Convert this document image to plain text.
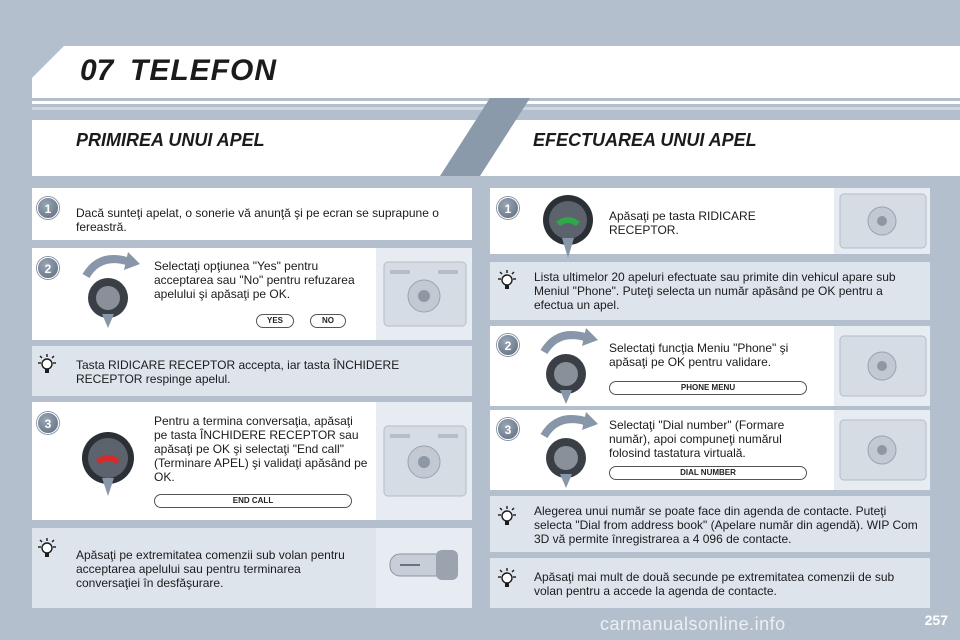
07 TELEFON
PRIMIREA UNUI APEL	EFECTUAREA UNUI APEL
1	Dacă sunteţi apelat, o sonerie vă anunţă şi pe ecran se suprapune o fereastră.
2	Selectaţi opţiunea "Yes" pentru acceptarea sau "No" pentru refuzarea apelului şi apăsaţi pe OK.
YES	NO
Tasta RIDICARE RECEPTOR accepta, iar tasta ÎNCHIDERE RECEPTOR respinge apelul.
3	Pentru a termina conversaţia, apăsaţi pe tasta ÎNCHIDERE RECEPTOR sau apăsaţi pe OK şi selectaţi "End call" (Terminare APEL) şi validaţi apăsând pe OK.
END CALL
Apăsaţi pe extremitatea comenzii sub volan pentru acceptarea apelului sau pentru terminarea conversaţiei în desfăşurare.
1	Apăsaţi pe tasta RIDICARE RECEPTOR.
Lista ultimelor 20 apeluri efectuate sau primite din vehicul apare sub Meniul "Phone". Puteţi selecta un număr apăsând pe OK pentru a efectua un apel.
2	Selectaţi funcţia Meniu "Phone" şi apăsaţi pe OK pentru validare.
PHONE MENU
3	Selectaţi "Dial number" (Formare număr), apoi compuneţi numărul folosind tastatura virtuală.
DIAL NUMBER
Alegerea unui număr se poate face din agenda de contacte. Puteţi selecta "Dial from address book" (Apelare număr din agendă). WIP Com 3D vă permite înregistrarea a 4 096 de contacte.
Apăsaţi mai mult de două secunde pe extremitatea comenzii de sub volan pentru a accede la agenda de contacte.
carmanualsonline.info	257
